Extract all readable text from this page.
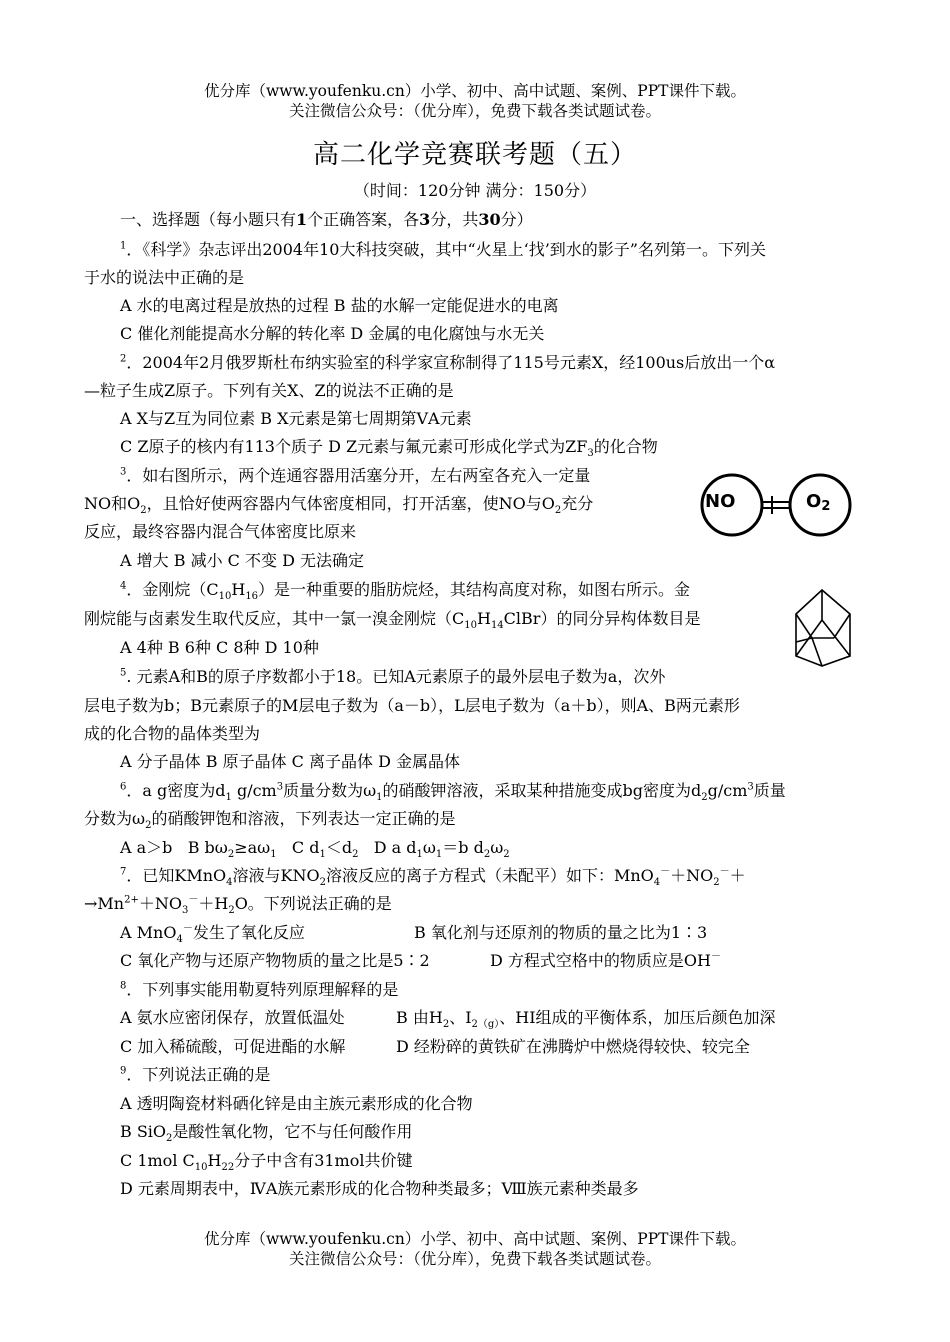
优分库（www.youfenku.cn）小学、初中、高中试题、案例、PPT课件下载。
关注微信公众号：（优分库），免费下载各类试题试卷。
高二化学竞赛联考题（五）
（时间：120分钟 满分：150分）
一、选择题（每小题只有1个正确答案，各3分，共30分）
$^1$．《科学》杂志评出2004年10大科技突破，其中“火星上‘找’到水的影子”名列第一。下列关
于水的说法中正确的是
A 水的电离过程是放热的过程 B 盐的水解一定能促进水的电离
C 催化剂能提高水分解的转化率 D 金属的电化腐蚀与水无关
$^2$．2004年2月俄罗斯杜布纳实验室的科学家宣称制得了115号元素X，经100us后放出一个α
—粒子生成Z原子。下列有关X、Z的说法不正确的是
A X与Z互为同位素 B X元素是第七周期第ⅤA元素
C Z原子的核内有113个质子 D Z元素与氟元素可形成化学式为$ZF_3$的化合物
$^3$．如右图所示，两个连通容器用活塞分开，左右两室各充入一定量
NO和$O_2$，且恰好使两容器内气体密度相同，打开活塞，使NO与$O_2$充分
反应，最终容器内混合气体密度比原来
A 增大 B 减小 C 不变 D 无法确定
NO	O2
$^4$．金刚烷$(C_{10}H_{16})$是一种重要的脂肪烷烃，其结构高度对称，如图右所示。金
刚烷能与卤素发生取代反应，其中一氯一溴金刚烷$(C_{10}H_{14}ClBr)$的同分异构体数目是
A 4种 B 6种 C 8种 D 10种
$^5$. 元素A和B的原子序数都小于18。已知A元素原子的最外层电子数为a，次外
层电子数为b；B元素原子的M层电子数为（a－b），L层电子数为（a＋b），则A、B两元素形
成的化合物的晶体类型为
A 分子晶体 B 原子晶体 C 离子晶体 D 金属晶体
$^6$．a g密度为$d_1$ $g/cm^3$质量分数为$\omega_1$的硝酸钾溶液，采取某种措施变成bg密度为$d_2g/cm^3$质量
分数为$\omega_2$的硝酸钾饱和溶液，下列表达一定正确的是
A a＞b B $b\omega_2\ge a\omega_1$ C $d_1<d_2$ D a $d_1\omega_1=b$ $d_2\omega_2$
$^7$．已知KMnO$_4$溶液与$KNO_2$溶液反应的离子方程式（未配平）如下：$MnO_4^-+NO_2^-+$
$\to Mn^{2+}+NO_3^-+H_2O$。下列说法正确的是
A MnO$_4$－发生了氧化反应	B 氧化剂与还原剂的物质的量之比为1∶3
C 氧化产物与还原产物物质的量之比是5∶2	D 方程式空格中的物质应是OH－
$^8$．下列事实能用勒夏特列原理解释的是
A 氨水应密闭保存，放置低温处	B 由$H_2$、$I_{2(g)}$、HI组成的平衡体系，加压后颜色加深
C 加入稀硫酸，可促进酯的水解	D 经粉碎的黄铁矿在沸腾炉中燃烧得较快、较完全
$^9$．下列说法正确的是
A 透明陶瓷材料硒化锌是由主族元素形成的化合物
B SiO$_2$是酸性氧化物，它不与任何酸作用
C 1mol $C_{10}H_{22}$分子中含有31mol共价键
D 元素周期表中，ⅣA族元素形成的化合物种类最多；Ⅷ族元素种类最多
优分库（www.youfenku.cn）小学、初中、高中试题、案例、PPT课件下载。
关注微信公众号：（优分库），免费下载各类试题试卷。
